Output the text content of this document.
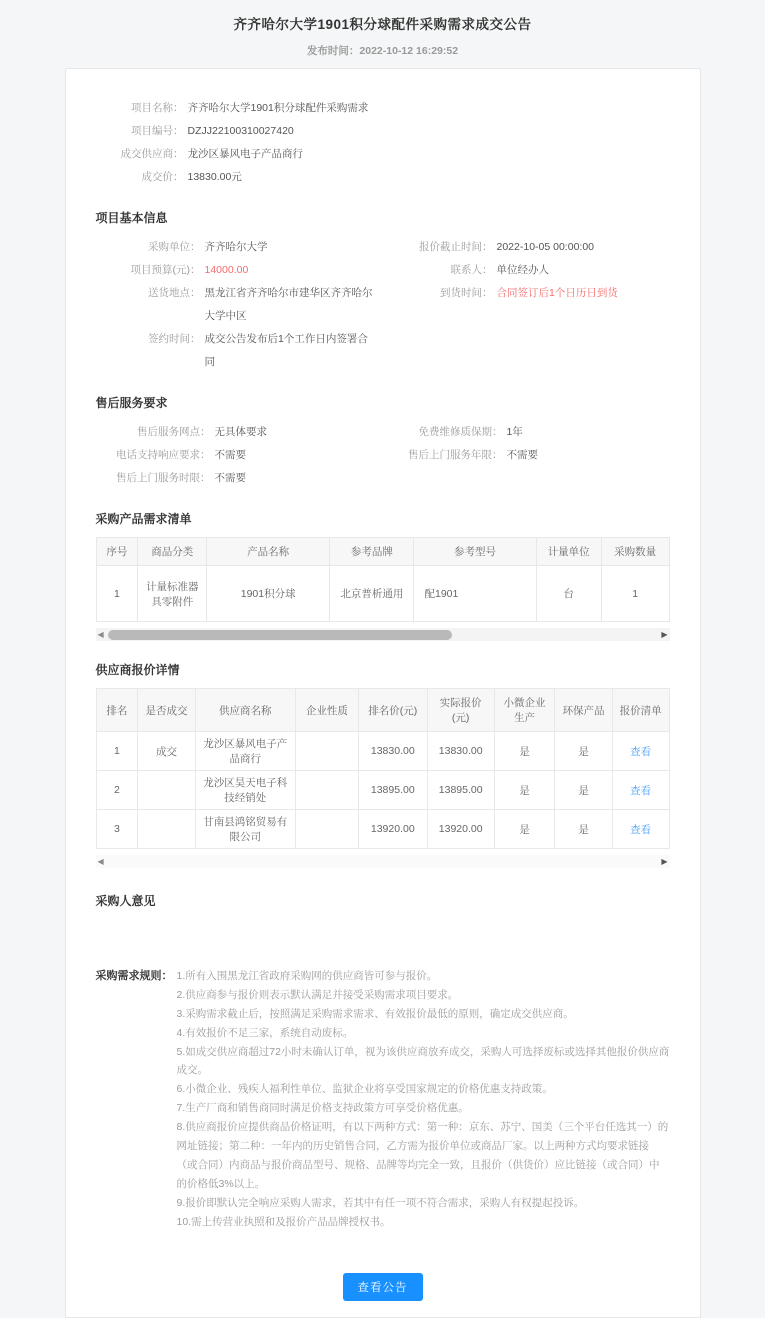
齐齐哈尔大学1901积分球配件采购需求成交公告
发布时间：2022-10-12 16:29:52
项目名称： 齐齐哈尔大学1901积分球配件采购需求
项目编号： DZJJ22100310027420
成交供应商： 龙沙区暴风电子产品商行
成交价： 13830.00元
项目基本信息
采购单位： 齐齐哈尔大学	报价截止时间： 2022-10-05 00:00:00
项目预算(元)： 14000.00	联系人： 单位经办人
送货地点： 黑龙江省齐齐哈尔市建华区齐齐哈尔大学中区
到货时间： 合同签订后1个日历日到货
签约时间： 成交公告发布后1个工作日内签署合同
售后服务要求
售后服务网点： 无具体要求	免费维修质保期： 1年
电话支持响应要求： 不需要	售后上门服务年限： 不需要
售后上门服务时限： 不需要
采购产品需求清单
序号	商品分类	产品名称	参考品牌	参考型号	计量单位	采购数量
1	计量标准器具零附件	1901积分球	北京普析通用	配1901	台	1
◀	▶
供应商报价详情
排名	是否成交	供应商名称	企业性质	排名价(元)	实际报价(元)	小微企业生产	环保产品	报价清单
1	成交	龙沙区暴风电子产品商行		13830.00	13830.00	是	是	查看
2		龙沙区昊天电子科技经销处		13895.00	13895.00	是	是	查看
3		甘南县鸿铭贸易有限公司		13920.00	13920.00	是	是	查看
◀	▶
采购人意见
采购需求规则： 1.所有入围黑龙江省政府采购网的供应商皆可参与报价。
2.供应商参与报价则表示默认满足并接受采购需求项目要求。
3.采购需求截止后，按照满足采购需求需求、有效报价最低的原则，确定成交供应商。
4.有效报价不足三家，系统自动废标。
5.如成交供应商超过72小时未确认订单，视为该供应商放弃成交，采购人可选择废标或选择其他报价供应商成交。
6.小微企业、残疾人福利性单位、监狱企业将享受国家规定的价格优惠支持政策。
7.生产厂商和销售商同时满足价格支持政策方可享受价格优惠。
8.供应商报价应提供商品价格证明，有以下两种方式：第一种：京东、苏宁、国美（三个平台任选其一）的网址链接；第二种：一年内的历史销售合同，乙方需为报价单位或商品厂家。以上两种方式均要求链接（或合同）内商品与报价商品型号、规格、品牌等均完全一致，且报价（供货价）应比链接（或合同）中的价格低3%以上。
9.报价即默认完全响应采购人需求，若其中有任一项不符合需求，采购人有权提起投诉。
10.需上传营业执照和及报价产品品牌授权书。
查看公告
